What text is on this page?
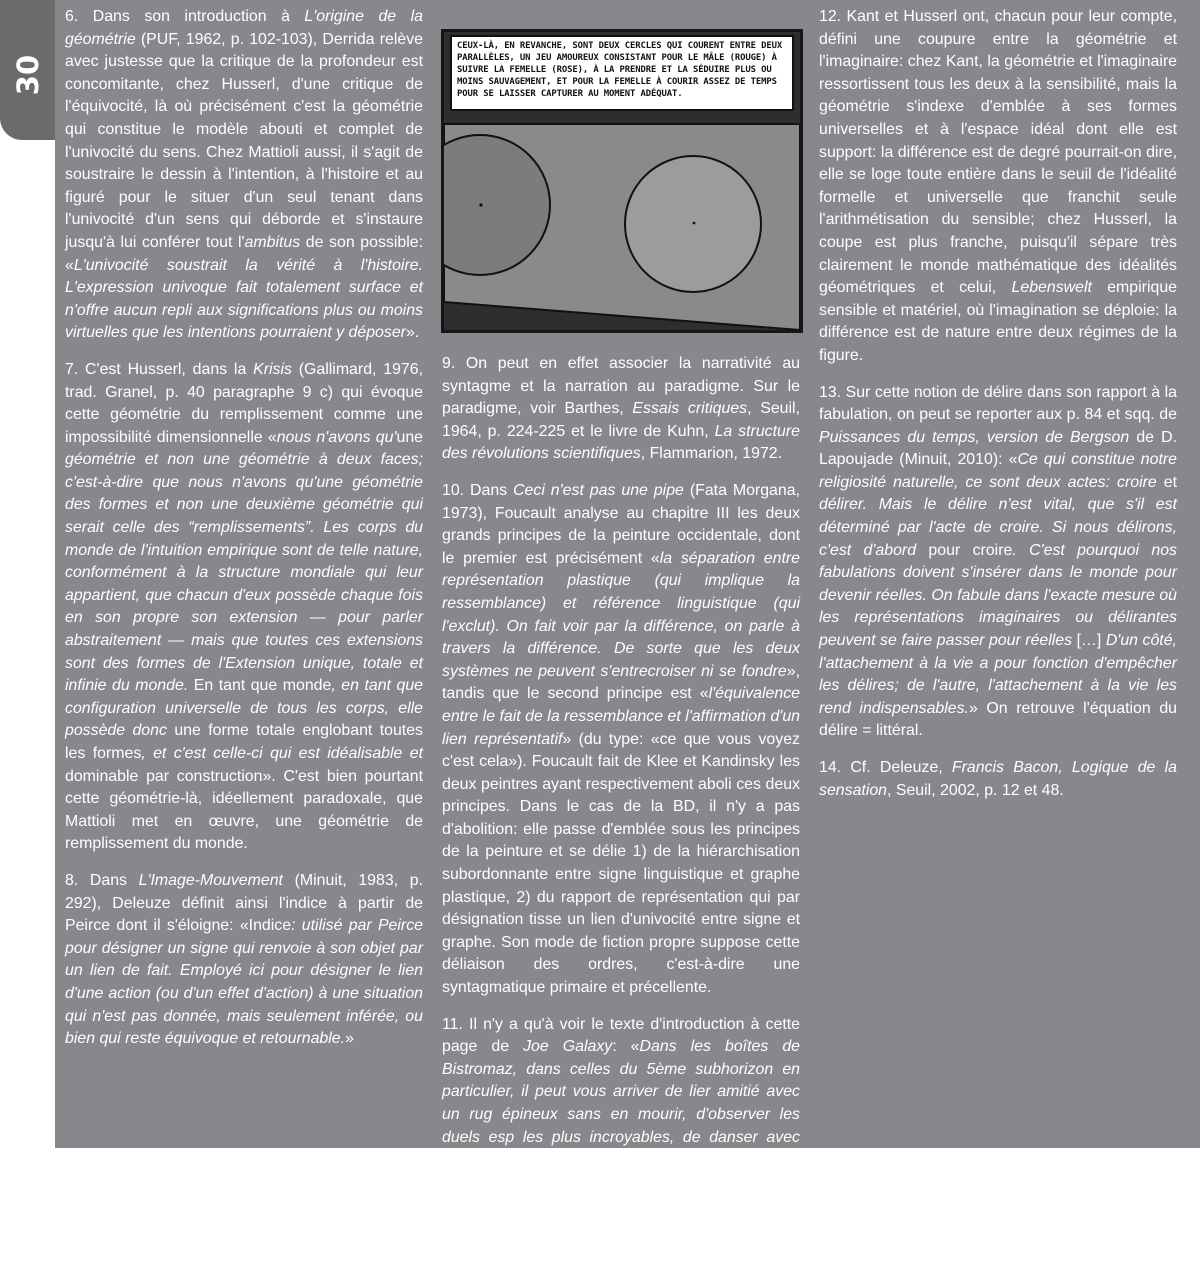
30

6. Dans son introduction à L'origine de la géométrie (PUF, 1962, p. 102-103), Derrida relève avec justesse que la critique de la profondeur est concomitante, chez Husserl, d'une critique de l'équivocité, là où précisément c'est la géométrie qui constitue le modèle abouti et complet de l'univocité du sens. Chez Mattioli aussi, il s'agit de soustraire le dessin à l'intention, à l'histoire et au figuré pour le situer d'un seul tenant dans l'univocité d'un sens qui déborde et s'instaure jusqu'à lui conférer tout l'ambitus de son possible: «L'univocité soustrait la vérité à l'histoire. L'expression univoque fait totalement surface et n'offre aucun repli aux significations plus ou moins virtuelles que les intentions pourraient y déposer».

7. C'est Husserl, dans la Krisis (Gallimard, 1976, trad. Granel, p. 40 paragraphe 9 c) qui évoque cette géométrie du remplissement comme une impossibilité dimensionnelle «nous n'avons qu'une géométrie et non une géométrie à deux faces; c'est-à-dire que nous n'avons qu'une géométrie des formes et non une deuxième géométrie qui serait celle des “remplissements”. Les corps du monde de l'intuition empirique sont de telle nature, conformément à la structure mondiale qui leur appartient, que chacun d'eux possède chaque fois en son propre son extension — pour parler abstraitement — mais que toutes ces extensions sont des formes de l'Extension unique, totale et infinie du monde. En tant que monde, en tant que configuration universelle de tous les corps, elle possède donc une forme totale englobant toutes les formes, et c'est celle-ci qui est idéalisable et dominable par construction». C'est bien pourtant cette géométrie-là, idéellement paradoxale, que Mattioli met en œuvre, une géométrie de remplissement du monde.

8. Dans L'Image-Mouvement (Minuit, 1983, p. 292), Deleuze définit ainsi l'indice à partir de Peirce dont il s'éloigne: «Indice: utilisé par Peirce pour désigner un signe qui renvoie à son objet par un lien de fait. Employé ici pour désigner le lien d'une action (ou d'un effet d'action) à une situation qui n'est pas donnée, mais seulement inférée, ou bien qui reste équivoque et retournable.»

CEUX-LÀ, EN REVANCHE, SONT DEUX CERCLES QUI COURENT ENTRE DEUX PARALLÈLES, UN JEU AMOUREUX CONSISTANT POUR LE MÂLE (ROUGE) À SUIVRE LA FEMELLE (ROSE), À LA PRENDRE ET LA SÉDUIRE PLUS OU MOINS SAUVAGEMENT, ET POUR LA FEMELLE À COURIR ASSEZ DE TEMPS POUR SE LAISSER CAPTURER AU MOMENT ADÉQUAT.

9. On peut en effet associer la narrativité au syntagme et la narration au paradigme. Sur le paradigme, voir Barthes, Essais critiques, Seuil, 1964, p. 224-225 et le livre de Kuhn, La structure des révolutions scientifiques, Flammarion, 1972.

10. Dans Ceci n'est pas une pipe (Fata Morgana, 1973), Foucault analyse au chapitre III les deux grands principes de la peinture occidentale, dont le premier est précisément «la séparation entre représentation plastique (qui implique la ressemblance) et référence linguistique (qui l'exclut). On fait voir par la différence, on parle à travers la différence. De sorte que les deux systèmes ne peuvent s'entrecroiser ni se fondre», tandis que le second principe est «l'équivalence entre le fait de la ressemblance et l'affirmation d'un lien représentatif» (du type: «ce que vous voyez c'est cela»). Foucault fait de Klee et Kandinsky les deux peintres ayant respectivement aboli ces deux principes. Dans le cas de la BD, il n'y a pas d'abolition: elle passe d'emblée sous les principes de la peinture et se délie 1) de la hiérarchisation subordonnante entre signe linguistique et graphe plastique, 2) du rapport de représentation qui par désignation tisse un lien d'univocité entre signe et graphe. Son mode de fiction propre suppose cette déliaison des ordres, c'est-à-dire une syntagmatique primaire et précellente.

11. Il n'y a qu'à voir le texte d'introduction à cette page de Joe Galaxy: «Dans les boîtes de Bistromaz, dans celles du 5ème subhorizon en particulier, il peut vous arriver de lier amitié avec un rug épineux sans en mourir, d'observer les duels esp les plus incroyables, de danser avec une billazienne plurimamellaire et bien d'autres choses encore, parmi lesquelles se remplir les oreilles des monologues de poivrots, comme par exemple celui de cet oniètre peroxydaphile là-bas.»

12. Kant et Husserl ont, chacun pour leur compte, défini une coupure entre la géométrie et l'imaginaire: chez Kant, la géométrie et l'imaginaire ressortissent tous les deux à la sensibilité, mais la géométrie s'indexe d'emblée à ses formes universelles et à l'espace idéal dont elle est support: la différence est de degré pourrait-on dire, elle se loge toute entière dans le seuil de l'idéalité formelle et universelle que franchit seule l'arithmétisation du sensible; chez Husserl, la coupe est plus franche, puisqu'il sépare très clairement le monde mathématique des idéalités géométriques et celui, Lebenswelt empirique sensible et matériel, où l'imagination se déploie: la différence est de nature entre deux régimes de la figure.

13. Sur cette notion de délire dans son rapport à la fabulation, on peut se reporter aux p. 84 et sqq. de Puissances du temps, version de Bergson de D. Lapoujade (Minuit, 2010): «Ce qui constitue notre religiosité naturelle, ce sont deux actes: croire et délirer. Mais le délire n'est vital, que s'il est déterminé par l'acte de croire. Si nous délirons, c'est d'abord pour croire. C'est pourquoi nos fabulations doivent s'insérer dans le monde pour devenir réelles. On fabule dans l'exacte mesure où les représentations imaginaires ou délirantes peuvent se faire passer pour réelles […] D'un côté, l'attachement à la vie a pour fonction d'empêcher les délires; de l'autre, l'attachement à la vie les rend indispensables.» On retrouve l'équation du délire = littéral.

14. Cf. Deleuze, Francis Bacon, Logique de la sensation, Seuil, 2002, p. 12 et 48.
